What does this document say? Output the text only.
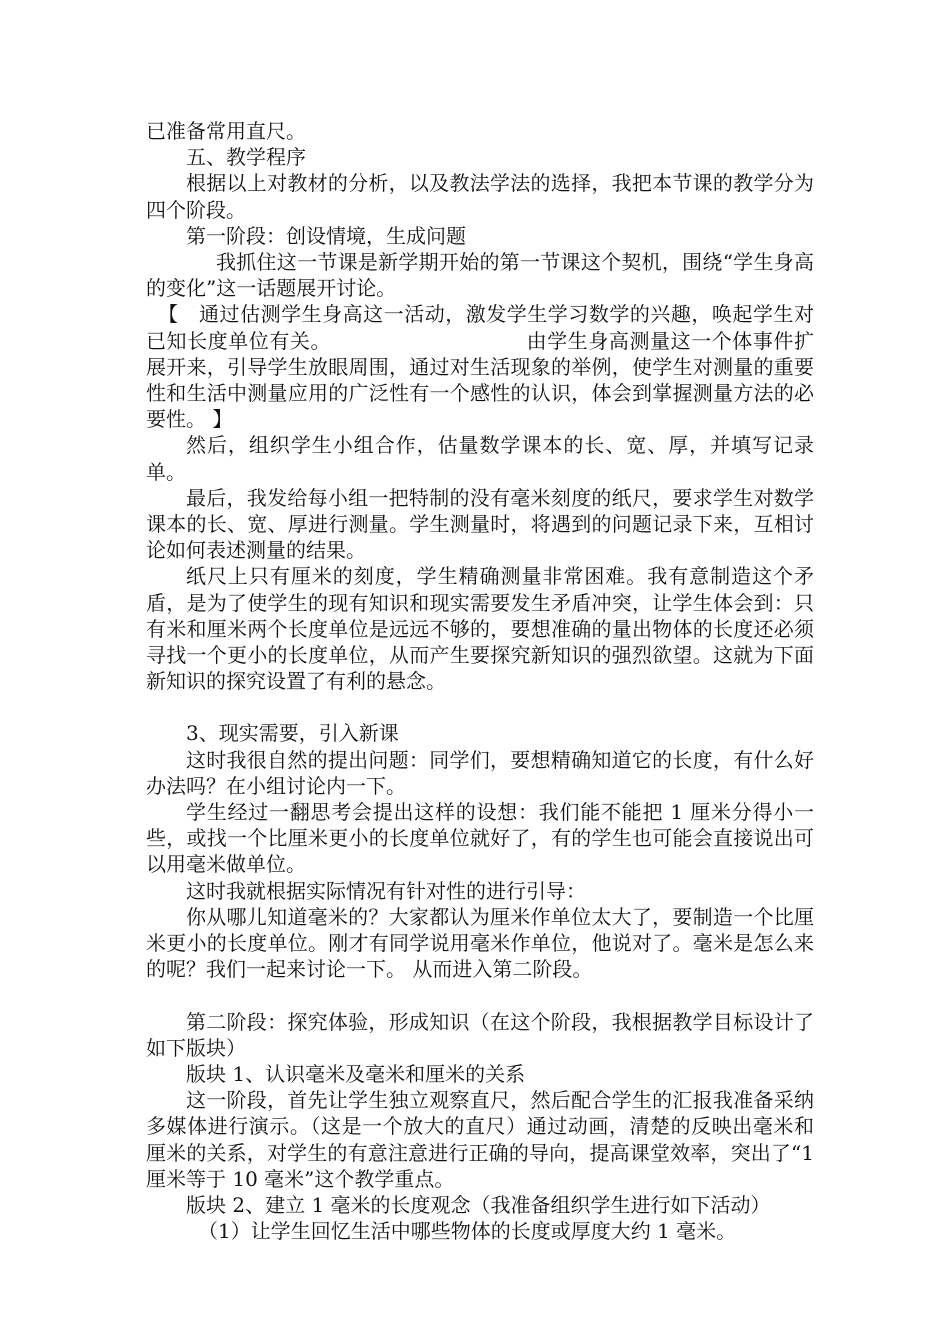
已准备常用直尺。

五、教学程序

根据以上对教材的分析，以及教法学法的选择，我把本节课的教学分为四个阶段。

第一阶段：创设情境，生成问题

我抓住这一节课是新学期开始的第一节课这个契机，围绕“学生身高的变化”这一话题展开讨论。

【　通过估测学生身高这一活动，激发学生学习数学的兴趣，唤起学生对已知长度单位有关。　　　　　　　　　　由学生身高测量这一个体事件扩展开来，引导学生放眼周围，通过对生活现象的举例，使学生对测量的重要性和生活中测量应用的广泛性有一个感性的认识，体会到掌握测量方法的必要性。 】

然后，组织学生小组合作，估量数学课本的长、宽、厚，并填写记录单。

最后，我发给每小组一把特制的没有毫米刻度的纸尺，要求学生对数学课本的长、宽、厚进行测量。学生测量时，将遇到的问题记录下来，互相讨论如何表述测量的结果。

纸尺上只有厘米的刻度，学生精确测量非常困难。我有意制造这个矛盾，是为了使学生的现有知识和现实需要发生矛盾冲突，让学生体会到：只有米和厘米两个长度单位是远远不够的，要想准确的量出物体的长度还必须寻找一个更小的长度单位，从而产生要探究新知识的强烈欲望。这就为下面新知识的探究设置了有利的悬念。

3、现实需要，引入新课

这时我很自然的提出问题：同学们，要想精确知道它的长度，有什么好办法吗？在小组讨论内一下。

学生经过一翻思考会提出这样的设想：我们能不能把 1 厘米分得小一些，或找一个比厘米更小的长度单位就好了，有的学生也可能会直接说出可以用毫米做单位。

这时我就根据实际情况有针对性的进行引导：

你从哪儿知道毫米的？大家都认为厘米作单位太大了，要制造一个比厘米更小的长度单位。刚才有同学说用毫米作单位，他说对了。毫米是怎么来的呢？我们一起来讨论一下。 从而进入第二阶段。

第二阶段：探究体验，形成知识（在这个阶段，我根据教学目标设计了如下版块）

版块 1、认识毫米及毫米和厘米的关系

这一阶段，首先让学生独立观察直尺，然后配合学生的汇报我准备采纳多媒体进行演示。（这是一个放大的直尺）通过动画，清楚的反映出毫米和厘米的关系，对学生的有意注意进行正确的导向，提高课堂效率，突出了“1 厘米等于 10 毫米”这个教学重点。

版块 2、建立 1 毫米的长度观念（我准备组织学生进行如下活动）

（1）让学生回忆生活中哪些物体的长度或厚度大约 1 毫米。
